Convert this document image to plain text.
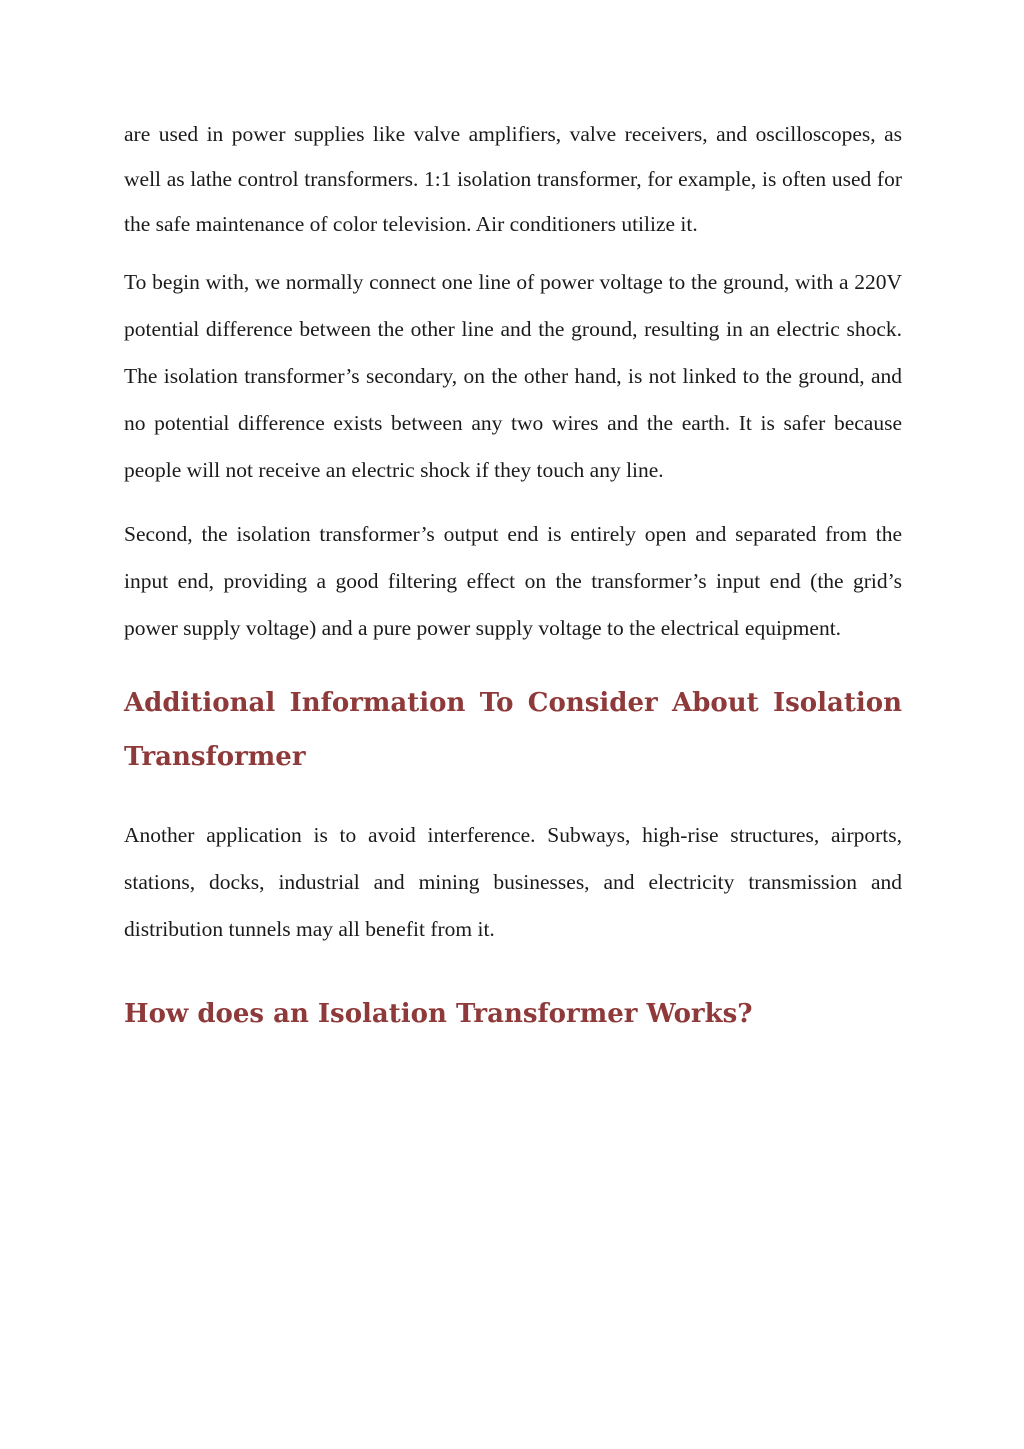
are used in power supplies like valve amplifiers, valve receivers, and oscilloscopes, as well as lathe control transformers. 1:1 isolation transformer, for example, is often used for the safe maintenance of color television. Air conditioners utilize it.

To begin with, we normally connect one line of power voltage to the ground, with a 220V potential difference between the other line and the ground, resulting in an electric shock. The isolation transformer’s secondary, on the other hand, is not linked to the ground, and no potential difference exists between any two wires and the earth. It is safer because people will not receive an electric shock if they touch any line.

Second, the isolation transformer’s output end is entirely open and separated from the input end, providing a good filtering effect on the transformer’s input end (the grid’s power supply voltage) and a pure power supply voltage to the electrical equipment.

Additional Information To Consider About Isolation Transformer

Another application is to avoid interference. Subways, high-rise structures, airports, stations, docks, industrial and mining businesses, and electricity transmission and distribution tunnels may all benefit from it.

How does an Isolation Transformer Works?
